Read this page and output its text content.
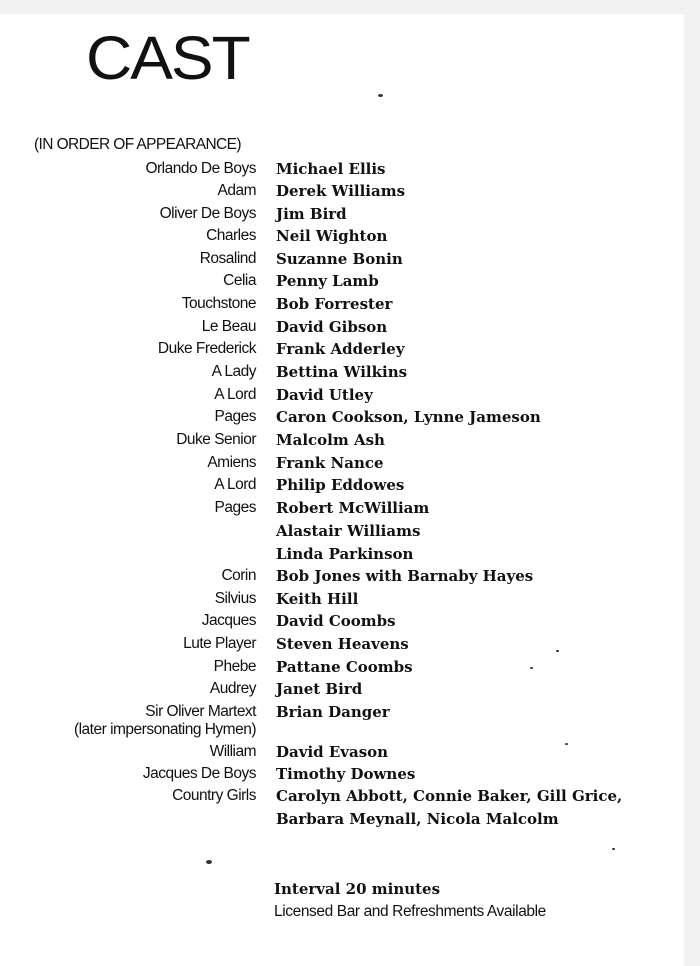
CAST
(IN ORDER OF APPEARANCE)
Orlando De Boys Michael Ellis
Adam Derek Williams
Oliver De Boys Jim Bird
Charles Neil Wighton
Rosalind Suzanne Bonin
Celia Penny Lamb
Touchstone Bob Forrester
Le Beau David Gibson
Duke Frederick Frank Adderley
A Lady Bettina Wilkins
A Lord David Utley
Pages Caron Cookson, Lynne Jameson
Duke Senior Malcolm Ash
Amiens Frank Nance
A Lord Philip Eddowes
Pages Robert McWilliam
Alastair Williams
Linda Parkinson
Corin Bob Jones with Barnaby Hayes
Silvius Keith Hill
Jacques David Coombs
Lute Player Steven Heavens
Phebe Pattane Coombs
Audrey Janet Bird
Sir Oliver Martext
(later impersonating Hymen)
Brian Danger
William David Evason
Jacques De Boys Timothy Downes
Country Girls Carolyn Abbott, Connie Baker, Gill Grice,
Barbara Meynall, Nicola Malcolm
Interval 20 minutes
Licensed Bar and Refreshments Available
